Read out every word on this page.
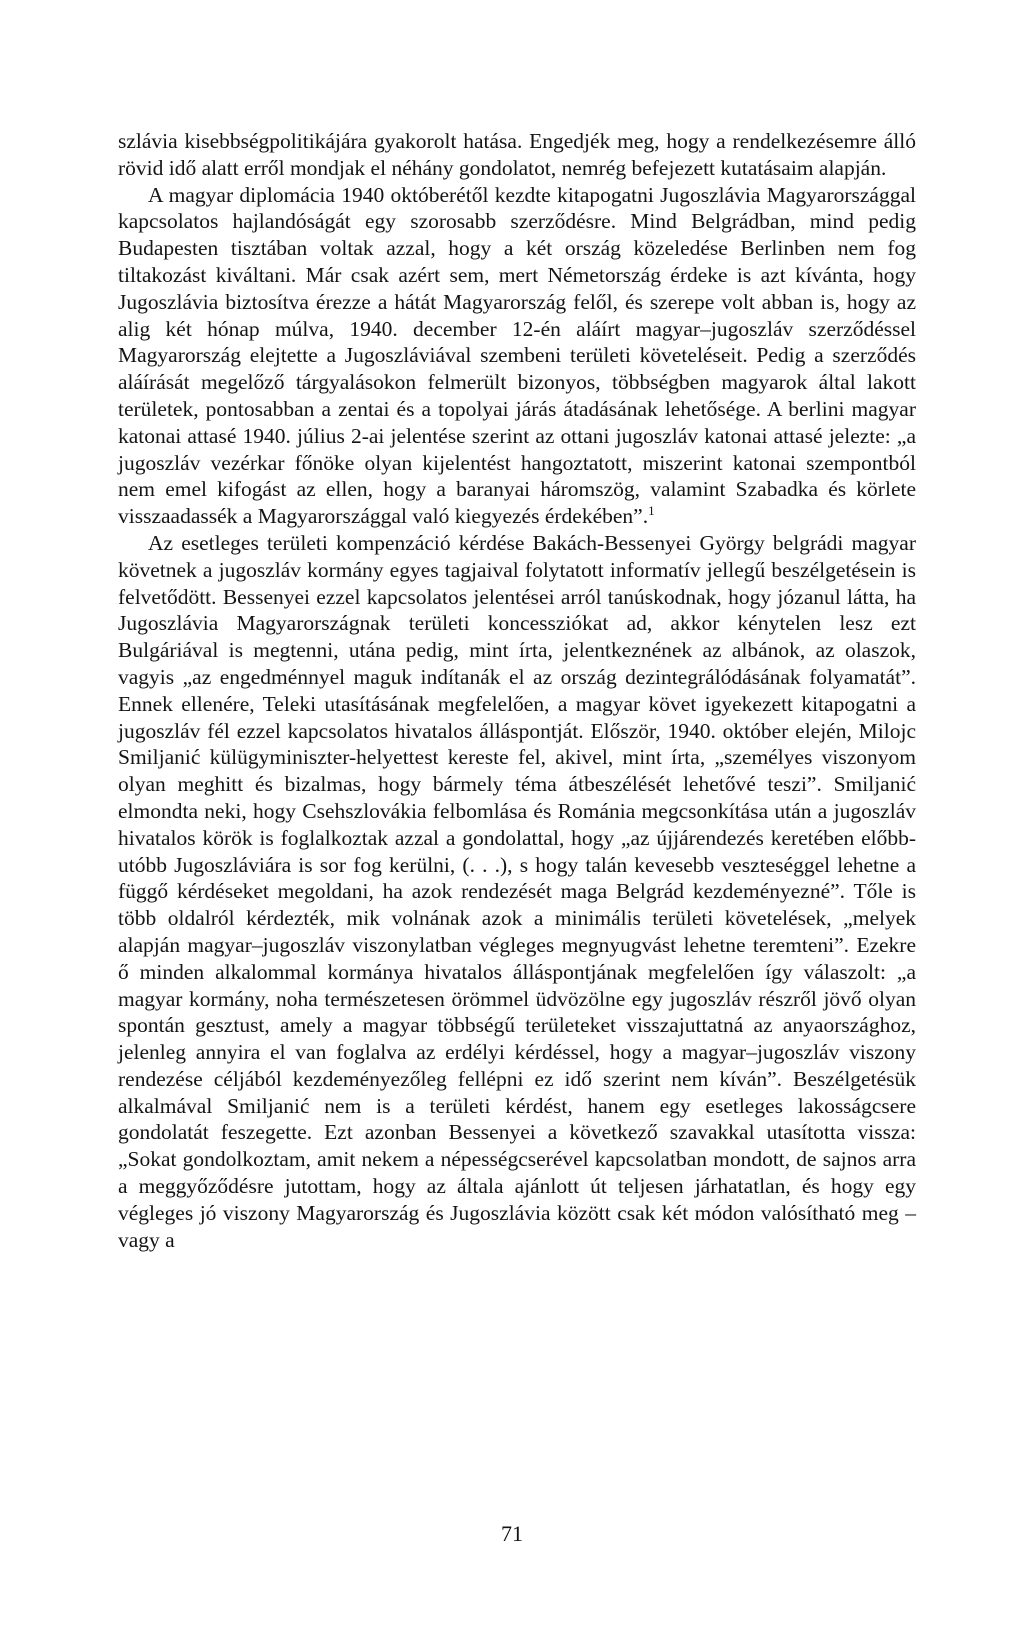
szlávia kisebbségpolitikájára gyakorolt hatása. Engedjék meg, hogy a rendelkezésemre álló rövid idő alatt erről mondjak el néhány gondolatot, nemrég befejezett kutatásaim alapján.

A magyar diplomácia 1940 októberétől kezdte kitapogatni Jugoszlávia Magyarországgal kapcsolatos hajlandóságát egy szorosabb szerződésre. Mind Belgrádban, mind pedig Budapesten tisztában voltak azzal, hogy a két ország közeledése Berlinben nem fog tiltakozást kiváltani. Már csak azért sem, mert Németország érdeke is azt kívánta, hogy Jugoszlávia biztosítva érezze a hátát Magyarország felől, és szerepe volt abban is, hogy az alig két hónap múlva, 1940. december 12-én aláírt magyar–jugoszláv szerződéssel Magyarország elejtette a Jugoszláviával szembeni területi követeléseit. Pedig a szerződés aláírását megelőző tárgyalásokon felmerült bizonyos, többségben magyarok által lakott területek, pontosabban a zentai és a topolyai járás átadásának lehetősége. A berlini magyar katonai attasé 1940. július 2-ai jelentése szerint az ottani jugoszláv katonai attasé jelezte: „a jugoszláv vezérkar főnöke olyan kijelentést hangoztatott, miszerint katonai szempontból nem emel kifogást az ellen, hogy a baranyai háromszög, valamint Szabadka és körlete visszaadassék a Magyarországgal való kiegyezés érdekében”.$^1$

Az esetleges területi kompenzáció kérdése Bakách-Bessenyei György belgrádi magyar követnek a jugoszláv kormány egyes tagjaival folytatott informatív jellegű beszélgetésein is felvetődött. Bessenyei ezzel kapcsolatos jelentései arról tanúskodnak, hogy józanul látta, ha Jugoszlávia Magyarországnak területi koncessziókat ad, akkor kénytelen lesz ezt Bulgáriával is megtenni, utána pedig, mint írta, jelentkeznének az albánok, az olaszok, vagyis „az engedménnyel maguk indítanák el az ország dezintegrálódásának folyamatát”. Ennek ellenére, Teleki utasításának megfelelően, a magyar követ igyekezett kitapogatni a jugoszláv fél ezzel kapcsolatos hivatalos álláspontját. Először, 1940. október elején, Milojc Smiljanić külügyminiszter-helyettest kereste fel, akivel, mint írta, „személyes viszonyom olyan meghitt és bizalmas, hogy bármely téma átbeszélését lehetővé teszi”. Smiljanić elmondta neki, hogy Csehszlovákia felbomlása és Románia megcsonkítása után a jugoszláv hivatalos körök is foglalkoztak azzal a gondolattal, hogy „az újjárendezés keretében előbb-utóbb Jugoszláviára is sor fog kerülni, (. . .), s hogy talán kevesebb veszteséggel lehetne a függő kérdéseket megoldani, ha azok rendezését maga Belgrád kezdeményezné”. Tőle is több oldalról kérdezték, mik volnának azok a minimális területi követelések, „melyek alapján magyar–jugoszláv viszonylatban végleges megnyugvást lehetne teremteni”. Ezekre ő minden alkalommal kormánya hivatalos álláspontjának megfelelően így válaszolt: „a magyar kormány, noha természetesen örömmel üdvözölne egy jugoszláv részről jövő olyan spontán gesztust, amely a magyar többségű területeket visszajuttatná az anyaországhoz, jelenleg annyira el van foglalva az erdélyi kérdéssel, hogy a magyar–jugoszláv viszony rendezése céljából kezdeményezőleg fellépni ez idő szerint nem kíván”. Beszélgetésük alkalmával Smiljanić nem is a területi kérdést, hanem egy esetleges lakosságcsere gondolatát feszegette. Ezt azonban Bessenyei a következő szavakkal utasította vissza: „Sokat gondolkoztam, amit nekem a népességcserével kapcsolatban mondott, de sajnos arra a meggyőződésre jutottam, hogy az általa ajánlott út teljesen járhatatlan, és hogy egy végleges jó viszony Magyarország és Jugoszlávia között csak két módon valósítható meg – vagy a

71
